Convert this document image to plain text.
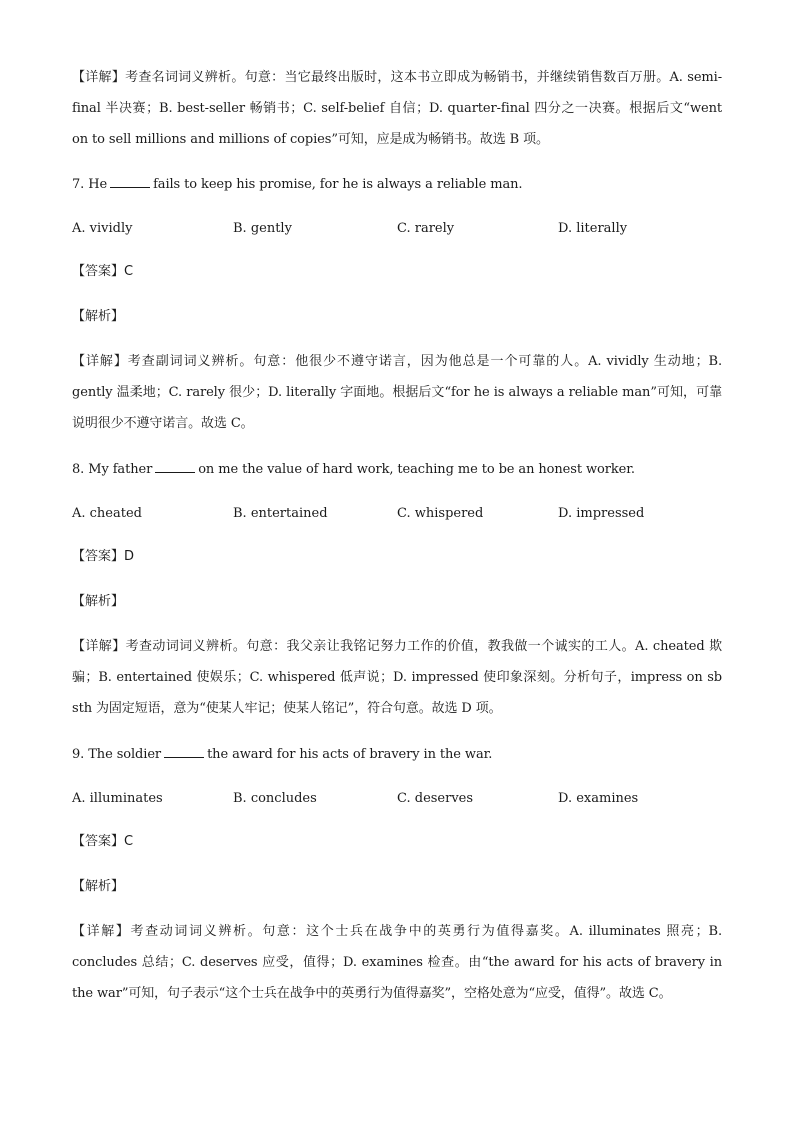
【详解】考查名词词义辨析。句意：当它最终出版时，这本书立即成为畅销书，并继续销售数百万册。A. semi-final 半决赛；B. best-seller 畅销书；C. self-belief 自信；D. quarter-final 四分之一决赛。根据后文“went on to sell millions and millions of copies”可知，应是成为畅销书。故选 B 项。
7. He	fails to keep his promise, for he is always a reliable man.
A. vividly	B. gently	C. rarely	D. literally
【答案】C
【解析】
【详解】考查副词词义辨析。句意：他很少不遵守诺言，因为他总是一个可靠的人。A. vividly 生动地；B. gently 温柔地；C. rarely 很少；D. literally 字面地。根据后文“for he is always a reliable man”可知，可靠说明很少不遵守诺言。故选 C。
8. My father	on me the value of hard work, teaching me to be an honest worker.
A. cheated	B. entertained	C. whispered	D. impressed
【答案】D
【解析】
【详解】考查动词词义辨析。句意：我父亲让我铭记努力工作的价值，教我做一个诚实的工人。A. cheated 欺骗；B. entertained 使娱乐；C. whispered 低声说；D. impressed 使印象深刻。分析句子，impress on sb sth 为固定短语，意为“使某人牢记；使某人铭记”，符合句意。故选 D 项。
9. The soldier	the award for his acts of bravery in the war.
A. illuminates	B. concludes	C. deserves	D. examines
【答案】C
【解析】
【详解】考查动词词义辨析。句意：这个士兵在战争中的英勇行为值得嘉奖。A. illuminates 照亮；B. concludes 总结；C. deserves 应受，值得；D. examines 检查。由“the award for his acts of bravery in the war”可知，句子表示“这个士兵在战争中的英勇行为值得嘉奖”，空格处意为“应受，值得”。故选 C。
